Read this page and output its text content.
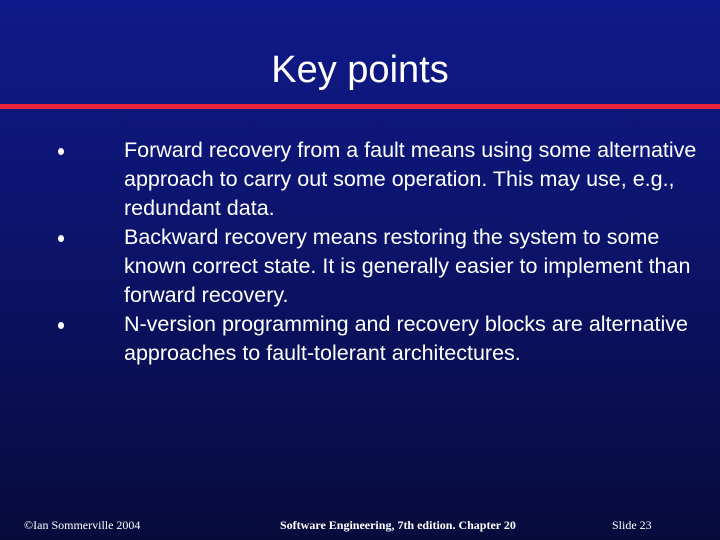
Key points
Forward recovery from a fault means using some alternative approach to carry out some operation. This may use, e.g., redundant data.
Backward recovery means restoring the system to some known correct state. It is generally easier to implement than forward recovery.
N-version programming and recovery blocks are alternative approaches to fault-tolerant architectures.
©Ian Sommerville 2004	Software Engineering, 7th edition. Chapter 20	Slide 23
